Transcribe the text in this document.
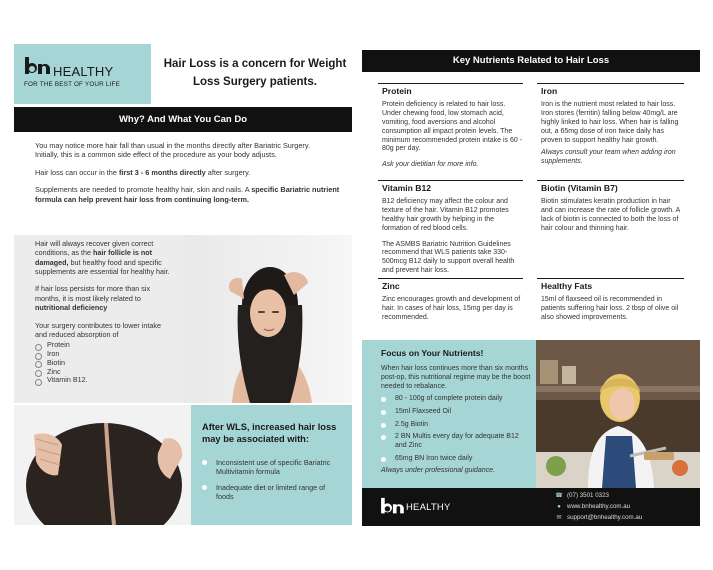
HEALTHY
FOR THE BEST OF YOUR LIFE
Hair Loss is a concern for Weight Loss Surgery patients.
Why? And What You Can Do

You may notice more hair fall than usual in the months directly after Bariatric Surgery.
Initially, this is a common side effect of the procedure as your body adjusts.

Hair loss can occur in the first 3 - 6 months directly after surgery.

Supplements are needed to promote healthy hair, skin and nails. A specific Bariatric nutrient formula can help prevent hair loss from continuing long-term.

Hair will always recover given correct conditions, as the hair follicle is not damaged, but healthy food and specific supplements are essential for healthy hair.

If hair loss persists for more than six months, it is most likely related to nutritional deficiency

Your surgery contributes to lower intake and reduced absorption of

Protein
Iron
Biotin
Zinc
Vitamin B12.
After WLS, increased hair loss may be associated with:
Inconsistent use of specific Bariatric Multivitamin formula
Inadequate diet or limited range of foods
Key Nutrients Related to Hair Loss
Protein

Protein deficiency is related to hair loss. Under chewing food, low stomach acid, vomiting, food aversions and alcohol consumption all impact protein levels. The minimum recommended protein intake is 60 - 80g per day.

Ask your dietitian for more info.

Iron

Iron is the nutrient most related to hair loss. Iron stores (ferritin) falling below 40mg/L are highly linked to hair loss. When hair is falling out, a 65mg dose of iron twice daily has proven to support healthy hair growth.

Always consult your team when adding iron supplements.

Vitamin B12

B12 deficiency may affect the colour and texture of the hair. Vitamin B12 promotes healthy hair growth by helping in the formation of red blood cells.

The ASMBS Bariatric Nutrition Guidelines recommend that WLS patients take 330-500mcg B12 daily to support overall health and prevent hair loss.

Biotin (Vitamin B7)

Biotin stimulates keratin production in hair and can increase the rate of follicle growth. A lack of biotin is connected to both the loss of hair colour and thinning hair.

Zinc

Zinc encourages growth and development of hair. In cases of hair loss, 15mg per day is recommended.

Healthy Fats

15ml of flaxseed oil is recommended in patients suffering hair loss. 2 tbsp of olive oil also showed improvements.

Focus on Your Nutrients!
When hair loss continues more than six months post-op, this nutritional regime may be the boost needed to rebalance.
80 - 100g of complete protein daily
15ml Flaxseed Oil
2.5g Biotin
2 BN Multis every day for adequate B12 and Zinc
65mg BN Iron twice daily
Always under professional guidance.
HEALTHY
☎ (07) 3501 0323
● www.bnhealthy.com.au
✉ support@bnhealthy.com.au
